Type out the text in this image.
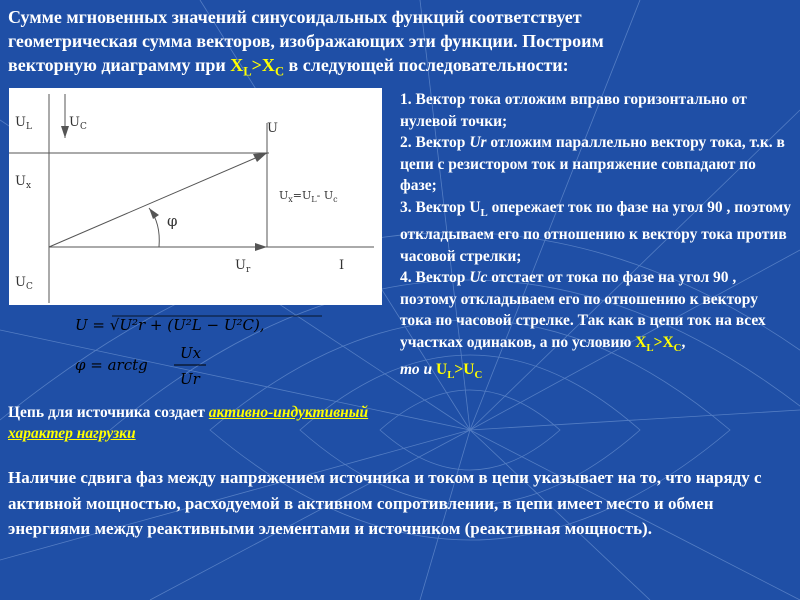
Сумме мгновенных значений синусоидальных функций соответствует
геометрическая сумма векторов, изображающих эти функции. Построим
векторную диаграмму при $X_L>X_C$ в следующей последовательности:
$U_L$	$U_C$
$U_x$
$U_C$
U
$U_r$	I
φ
$U_x=U_L-$ $U_c$
U = √U²r + (U²L − U²C),
φ = arctg
Ux
Ur

1. Вектор тока отложим вправо горизонтально от нулевой точки;

2. Вектор Ur отложим параллельно вектору тока, т.к. в цепи с резистором ток и напряжение совпадают по фазе;

3. Вектор $U_L$ опережает ток по фазе на угол 90 , поэтому откладываем его по отношению к вектору тока против часовой стрелки;

4. Вектор Uc отстает от тока по фазе на угол 90 , поэтому откладываем его по отношению к вектору тока по часовой стрелке. Так как в цепи ток на всех участках одинаков, а по условию $X_L>X_C$,
то и $U_L>U_C$

Цепь для источника создает активно-индуктивный характер нагрузки
Наличие сдвига фаз между напряжением источника и током в цепи указывает на то, что наряду с активной мощностью, расходуемой в активном сопротивлении, в цепи имеет место и обмен энергиями между реактивными элементами и источником (реактивная мощность).
